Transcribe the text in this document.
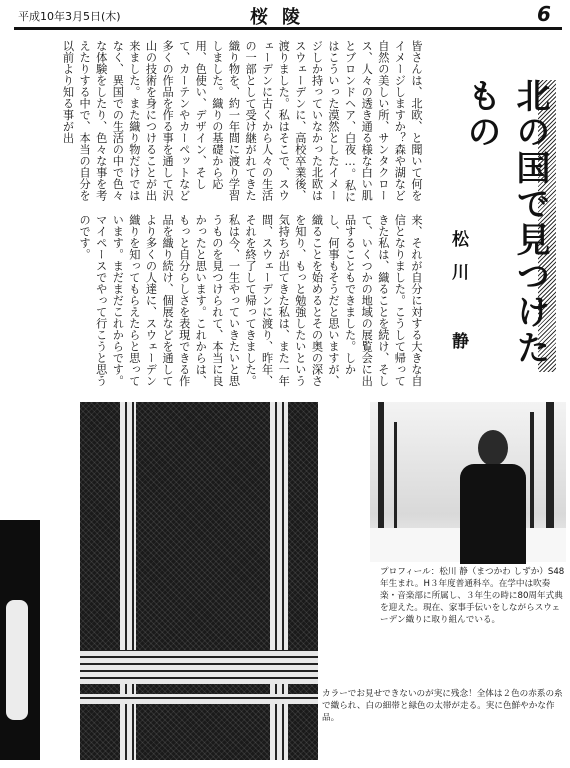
平成10年3月5日(木)	桜陵	6
北の国で見つけたもの
松川 静
皆さんは、北欧、と聞いて何をイメージしますか？森や湖など自然の美しい所、サンタクロース、人々の透き通る様な白い肌とブロンドヘア、白夜…。私にはこういった漠然としたイメージしか持っていなかった北欧はスウェーデンに、高校卒業後、渡りました。私はそこで、スウェーデンに古くから人々の生活の一部として受け継がれてきた織り物を、約一年間に渡り学習しました。織りの基礎から応用、色使い、デザイン、そして、カーテンやカーペットなど多くの作品を作る事を通して沢山の技術を身につけることが出来ました。また織り物だけではなく、異国での生活の中で色々な体験をしたり、色々な事を考えたりする中で、本当の自分を以前より知る事が出
来、それが自分に対する大きな自信となりました。こうして帰ってきた私は、織ることを続け、そして、いくつかの地域の展覧会に出品することもできました。しかし、何事もそうだと思いますが、織ることを始めるとその奥の深さを知り、もっと勉強したいという気持ちが出てきた私は、また一年間、スウェーデンに渡り、昨年、それを終了して帰ってきました。私は今、一生やっていきたいと思うものを見つけられて、本当に良かったと思います。これからは、もっと自分らしさを表現できる作品を織り続け、個展などを通してより多くの人達に、スウェーデン織りを知ってもらえたらと思っています。まだまだこれからです。マイペースでやって行こうと思うのです。
プロフィール：松川 静（まつかわ しずか）S48年生まれ。H３年度普通科卒。在学中は吹奏楽・音楽部に所属し、３年生の時に80周年式典を迎えた。現在、家事手伝いをしながらスウェーデン織りに取り組んでいる。
カラーでお見せできないのが実に残念！全体は２色の赤系の糸で織られ、白の細帯と緑色の太帯が走る。実に色鮮やかな作品。
